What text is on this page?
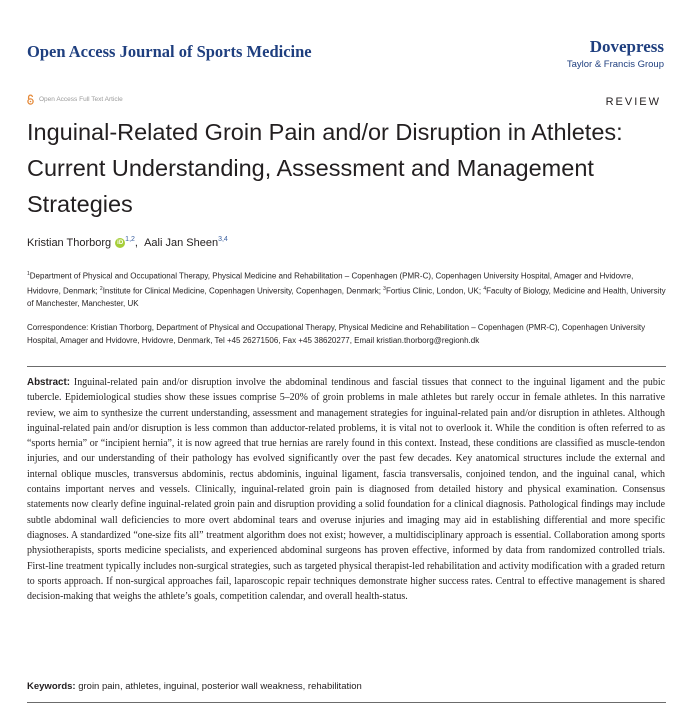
Open Access Journal of Sports Medicine	Dovepress
Taylor & Francis Group
Open Access Full Text Article	REVIEW
Inguinal-Related Groin Pain and/or Disruption in Athletes: Current Understanding, Assessment and Management Strategies
Kristian Thorborg	iD
$^{1,2}$ , Aali Jan Sheen$^{3,4}$
$^1$Department of Physical and Occupational Therapy, Physical Medicine and Rehabilitation – Copenhagen (PMR-C), Copenhagen University Hospital, Amager and Hvidovre, Hvidovre, Denmark; $^2$Institute for Clinical Medicine, Copenhagen University, Copenhagen, Denmark; $^3$Fortius Clinic, London, UK; $^4$Faculty of Biology, Medicine and Health, University of Manchester, Manchester, UK
Correspondence: Kristian Thorborg, Department of Physical and Occupational Therapy, Physical Medicine and Rehabilitation – Copenhagen (PMR-C), Copenhagen University Hospital, Amager and Hvidovre, Hvidovre, Denmark, Tel +45 26271506, Fax +45 38620277, Email kristian.thorborg@regionh.dk
Abstract: Inguinal-related pain and/or disruption involve the abdominal tendinous and fascial tissues that connect to the inguinal ligament and the pubic tubercle. Epidemiological studies show these issues comprise 5–20% of groin problems in male athletes but rarely occur in female athletes. In this narrative review, we aim to synthesize the current understanding, assessment and management strategies for inguinal-related pain and/or disruption in athletes. Although inguinal-related pain and/or disruption is less common than adductor-related problems, it is vital not to overlook it. While the condition is often referred to as “sports hernia” or “incipient hernia”, it is now agreed that true hernias are rarely found in this context. Instead, these conditions are classified as muscle-tendon injuries, and our understanding of their pathology has evolved significantly over the past few decades. Key anatomical structures include the external and internal oblique muscles, transversus abdominis, rectus abdominis, inguinal ligament, fascia transversalis, conjoined tendon, and the inguinal canal, which contains important nerves and vessels. Clinically, inguinal-related groin pain is diagnosed from detailed history and physical examination. Consensus statements now clearly define inguinal-related groin pain and disruption providing a solid foundation for a clinical diagnosis. Pathological findings may include subtle abdominal wall deficiencies to more overt abdominal tears and overuse injuries and imaging may aid in establishing differential and more specific diagnoses. A standardized “one-size fits all” treatment algorithm does not exist; however, a multidisciplinary approach is essential. Collaboration among sports physiotherapists, sports medicine specialists, and experienced abdominal surgeons has proven effective, informed by data from randomized controlled trials. First-line treatment typically includes non-surgical strategies, such as targeted physical therapist-led rehabilitation and activity modification with a graded return to sports approach. If non-surgical approaches fail, laparoscopic repair techniques demonstrate higher success rates. Central to effective management is shared decision-making that weighs the athlete’s goals, competition calendar, and overall health-status.
Keywords: groin pain, athletes, inguinal, posterior wall weakness, rehabilitation
